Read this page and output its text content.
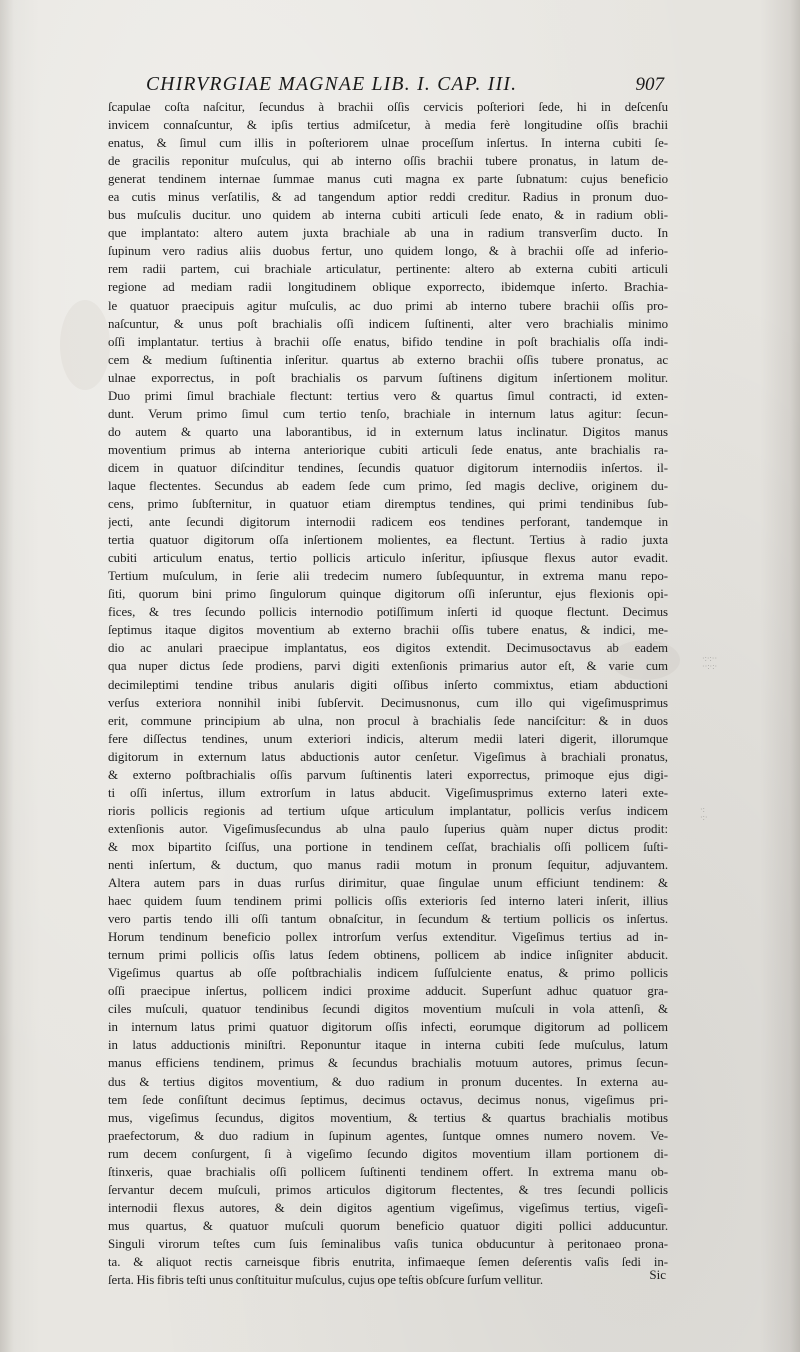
CHIRVRGIAE MAGNAE LIB. I. CAP. III.	907
ſcapulae coſta naſcitur, ſecundus à brachii oſſis cervicis poſteriori ſede, hi in deſcenſu
invicem connaſcuntur, & ipſis tertius admiſcetur, à media ferè longitudine oſſis brachii
enatus, & ſimul cum illis in poſteriorem ulnae proceſſum inſertus. In interna cubiti ſe-
de gracilis reponitur muſculus, qui ab interno oſſis brachii tubere pronatus, in latum de-
generat tendinem internae ſummae manus cuti magna ex parte ſubnatum: cujus beneficio
ea cutis minus verſatilis, & ad tangendum aptior reddi creditur. Radius in pronum duo-
bus muſculis ducitur. uno quidem ab interna cubiti articuli ſede enato, & in radium obli-
que implantato: altero autem juxta brachiale ab una in radium transverſim ducto. In
ſupinum vero radius aliis duobus fertur, uno quidem longo, & à brachii oſſe ad inferio-
rem radii partem, cui brachiale articulatur, pertinente: altero ab externa cubiti articuli
regione ad mediam radii longitudinem oblique exporrecto, ibidemque inſerto. Brachia-
le quatuor praecipuis agitur muſculis, ac duo primi ab interno tubere brachii oſſis pro-
naſcuntur, & unus poſt brachialis oſſi indicem ſuſtinenti, alter vero brachialis minimo
oſſi implantatur. tertius à brachii oſſe enatus, bifido tendine in poſt brachialis oſſa indi-
cem & medium ſuſtinentia inſeritur. quartus ab externo brachii oſſis tubere pronatus, ac
ulnae exporrectus, in poſt brachialis os parvum ſuſtinens digitum inſertionem molitur.
Duo primi ſimul brachiale flectunt: tertius vero & quartus ſimul contracti, id exten-
dunt. Verum primo ſimul cum tertio tenſo, brachiale in internum latus agitur: ſecun-
do autem & quarto una laborantibus, id in externum latus inclinatur. Digitos manus
moventium primus ab interna anteriorique cubiti articuli ſede enatus, ante brachialis ra-
dicem in quatuor diſcinditur tendines, ſecundis quatuor digitorum internodiis inſertos. il-
laque flectentes. Secundus ab eadem ſede cum primo, ſed magis declive, originem du-
cens, primo ſubſternitur, in quatuor etiam diremptus tendines, qui primi tendinibus ſub-
jecti, ante ſecundi digitorum internodii radicem eos tendines perforant, tandemque in
tertia quatuor digitorum oſſa inſertionem molientes, ea flectunt. Tertius à radio juxta
cubiti articulum enatus, tertio pollicis articulo inſeritur, ipſiusque flexus autor evadit.
Tertium muſculum, in ſerie alii tredecim numero ſubſequuntur, in extrema manu repo-
ſiti, quorum bini primo ſingulorum quinque digitorum oſſi inſeruntur, ejus flexionis opi-
fices, & tres ſecundo pollicis internodio potiſſimum inſerti id quoque flectunt. Decimus
ſeptimus itaque digitos moventium ab externo brachii oſſis tubere enatus, & indici, me-
dio ac anulari praecipue implantatus, eos digitos extendit. Decimusoctavus ab eadem
qua nuper dictus ſede prodiens, parvi digiti extenſionis primarius autor eſt, & varie cum
decimileptimi tendine tribus anularis digiti oſſibus inſerto commixtus, etiam abductioni
verſus exteriora nonnihil inibi ſubſervit. Decimusnonus, cum illo qui vigeſimusprimus
erit, commune principium ab ulna, non procul à brachialis ſede nanciſcitur: & in duos
fere diſſectus tendines, unum exteriori indicis, alterum medii lateri digerit, illorumque
digitorum in externum latus abductionis autor cenſetur. Vigeſimus à brachiali pronatus,
& externo poſtbrachialis oſſis parvum ſuſtinentis lateri exporrectus, primoque ejus digi-
ti oſſi inſertus, illum extrorſum in latus abducit. Vigeſimusprimus externo lateri exte-
rioris pollicis regionis ad tertium uſque articulum implantatur, pollicis verſus indicem
extenſionis autor. Vigeſimusſecundus ab ulna paulo ſuperius quàm nuper dictus prodit:
& mox bipartito ſciſſus, una portione in tendinem ceſſat, brachialis oſſi pollicem ſuſti-
nenti inſertum, & ductum, quo manus radii motum in pronum ſequitur, adjuvantem.
Altera autem pars in duas rurſus dirimitur, quae ſingulae unum efficiunt tendinem: &
haec quidem ſuum tendinem primi pollicis oſſis exterioris ſed interno lateri inſerit, illius
vero partis tendo illi oſſi tantum obnaſcitur, in ſecundum & tertium pollicis os inſertus.
Horum tendinum beneficio pollex introrſum verſus extenditur. Vigeſimus tertius ad in-
ternum primi pollicis oſſis latus ſedem obtinens, pollicem ab indice inſigniter abducit.
Vigeſimus quartus ab oſſe poſtbrachialis indicem ſuſſulciente enatus, & primo pollicis
oſſi praecipue inſertus, pollicem indici proxime adducit. Superſunt adhuc quatuor gra-
ciles muſculi, quatuor tendinibus ſecundi digitos moventium muſculi in vola attenſi, &
in internum latus primi quatuor digitorum oſſis infecti, eorumque digitorum ad pollicem
in latus adductionis miniſtri. Reponuntur itaque in interna cubiti ſede muſculus, latum
manus efficiens tendinem, primus & ſecundus brachialis motuum autores, primus ſecun-
dus & tertius digitos moventium, & duo radium in pronum ducentes. In externa au-
tem ſede conſiſtunt decimus ſeptimus, decimus octavus, decimus nonus, vigeſimus pri-
mus, vigeſimus ſecundus, digitos moventium, & tertius & quartus brachialis motibus
praefectorum, & duo radium in ſupinum agentes, ſuntque omnes numero novem. Ve-
rum decem conſurgent, ſi à vigeſimo ſecundo digitos moventium illam portionem di-
ſtinxeris, quae brachialis oſſi pollicem ſuſtinenti tendinem offert. In extrema manu ob-
ſervantur decem muſculi, primos articulos digitorum flectentes, & tres ſecundi pollicis
internodii flexus autores, & dein digitos agentium vigeſimus, vigeſimus tertius, vigeſi-
mus quartus, & quatuor muſculi quorum beneficio quatuor digiti pollici adducuntur.
Singuli virorum teſtes cum ſuis ſeminalibus vaſis tunica obducuntur à peritonaeo prona-
ta. & aliquot rectis carneisque fibris enutrita, infimaeque ſemen deſerentis vaſis ſedi in-
ſerta. His fibris teſti unus conſtituitur muſculus, cujus ope teſtis obſcure ſurſum vellitur.
·:·:··
··:·:·
·:
·:·
Sic
